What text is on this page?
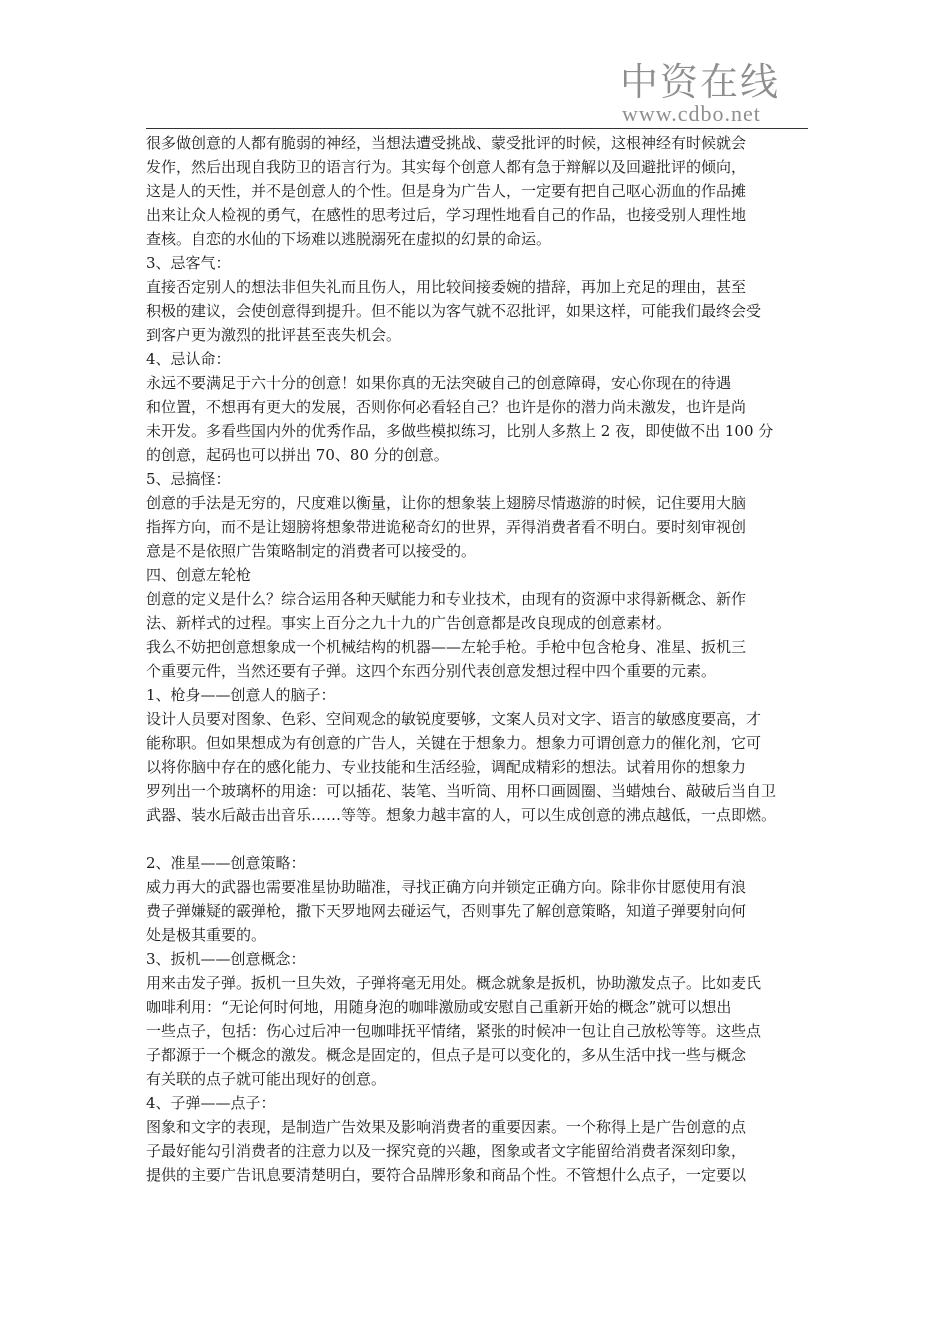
中资在线
www.cdbo.net
很多做创意的人都有脆弱的神经，当想法遭受挑战、蒙受批评的时候，这根神经有时候就会
发作，然后出现自我防卫的语言行为。其实每个创意人都有急于辩解以及回避批评的倾向，
这是人的天性，并不是创意人的个性。但是身为广告人，一定要有把自己呕心沥血的作品摊
出来让众人检视的勇气，在感性的思考过后，学习理性地看自己的作品，也接受别人理性地
查核。自恋的水仙的下场难以逃脱溺死在虚拟的幻景的命运。
3、忌客气：
直接否定别人的想法非但失礼而且伤人，用比较间接委婉的措辞，再加上充足的理由，甚至
积极的建议，会使创意得到提升。但不能以为客气就不忍批评，如果这样，可能我们最终会受
到客户更为激烈的批评甚至丧失机会。
4、忌认命：
永远不要满足于六十分的创意！如果你真的无法突破自己的创意障碍，安心你现在的待遇
和位置，不想再有更大的发展，否则你何必看轻自己？也许是你的潜力尚未激发，也许是尚
未开发。多看些国内外的优秀作品，多做些模拟练习，比别人多熬上 2 夜，即使做不出 100 分
的创意，起码也可以拼出 70、80 分的创意。
5、忌搞怪：
创意的手法是无穷的，尺度难以衡量，让你的想象装上翅膀尽情遨游的时候，记住要用大脑
指挥方向，而不是让翅膀将想象带进诡秘奇幻的世界，弄得消费者看不明白。要时刻审视创
意是不是依照广告策略制定的消费者可以接受的。
四、创意左轮枪
创意的定义是什么？综合运用各种天赋能力和专业技术，由现有的资源中求得新概念、新作
法、新样式的过程。事实上百分之九十九的广告创意都是改良现成的创意素材。
我么不妨把创意想象成一个机械结构的机器——左轮手枪。手枪中包含枪身、准星、扳机三
个重要元件，当然还要有子弹。这四个东西分别代表创意发想过程中四个重要的元素。
1、枪身——创意人的脑子：
设计人员要对图象、色彩、空间观念的敏锐度要够，文案人员对文字、语言的敏感度要高，才
能称职。但如果想成为有创意的广告人，关键在于想象力。想象力可谓创意力的催化剂，它可
以将你脑中存在的感化能力、专业技能和生活经验，调配成精彩的想法。试着用你的想象力
罗列出一个玻璃杯的用途：可以插花、装笔、当听筒、用杯口画圆圈、当蜡烛台、敲破后当自卫
武器、装水后敲击出音乐……等等。想象力越丰富的人，可以生成创意的沸点越低，一点即燃。
2、准星——创意策略：
威力再大的武器也需要准星协助瞄准，寻找正确方向并锁定正确方向。除非你甘愿使用有浪
费子弹嫌疑的霰弹枪，撒下天罗地网去碰运气，否则事先了解创意策略，知道子弹要射向何
处是极其重要的。
3、扳机——创意概念：
用来击发子弹。扳机一旦失效，子弹将毫无用处。概念就象是扳机，协助激发点子。比如麦氏
咖啡利用：“无论何时何地，用随身泡的咖啡激励或安慰自己重新开始的概念”就可以想出
一些点子，包括：伤心过后冲一包咖啡抚平情绪，紧张的时候冲一包让自己放松等等。这些点
子都源于一个概念的激发。概念是固定的，但点子是可以变化的，多从生活中找一些与概念
有关联的点子就可能出现好的创意。
4、子弹——点子：
图象和文字的表现，是制造广告效果及影响消费者的重要因素。一个称得上是广告创意的点
子最好能勾引消费者的注意力以及一探究竟的兴趣，图象或者文字能留给消费者深刻印象，
提供的主要广告讯息要清楚明白，要符合品牌形象和商品个性。不管想什么点子，一定要以
